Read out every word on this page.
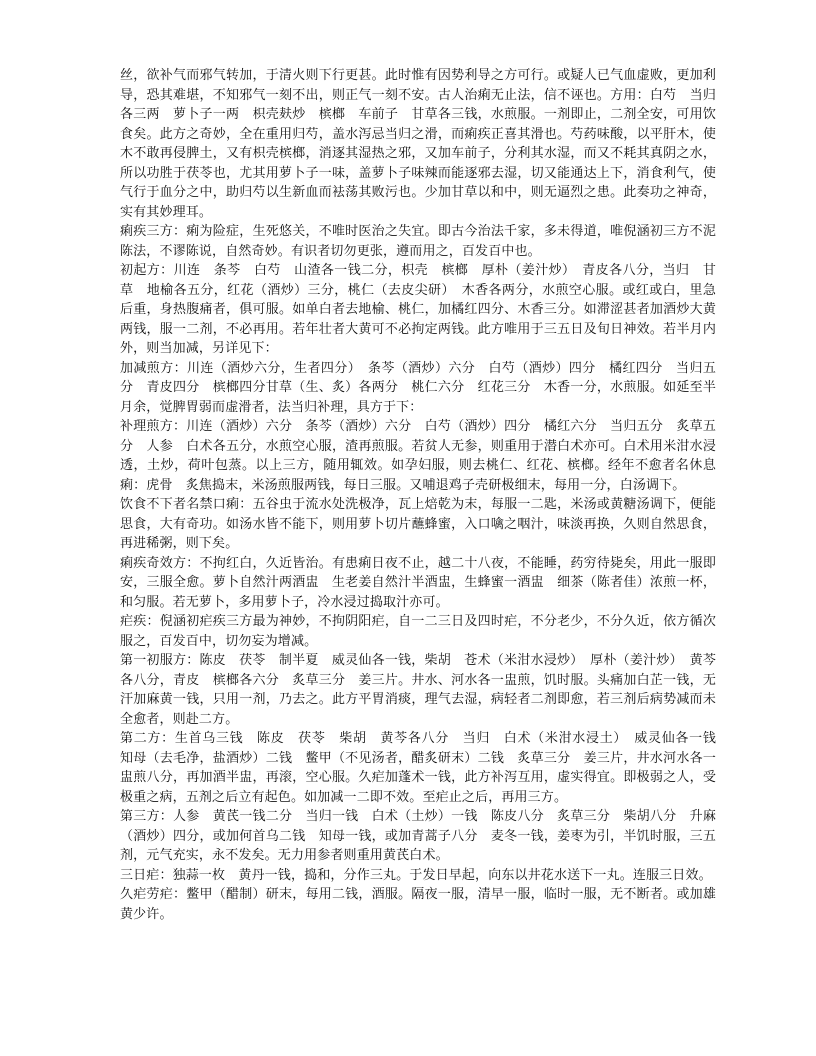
丝，欲补气而邪气转加，于清火则下行更甚。此时惟有因势利导之方可行。或疑人已气血虚败，更加利导，恐其难堪，不知邪气一刻不出，则正气一刻不安。古人治痢无止法，信不诬也。方用：白芍　当归各三两　萝卜子一两　枳壳麸炒　槟榔　车前子　甘草各三钱，水煎服。一剂即止，二剂全安，可用饮食矣。此方之奇妙，全在重用归芍，盖水泻忌当归之滑，而痢疾正喜其滑也。芍药味酸，以平肝木，使木不敢再侵脾土，又有枳壳槟榔，消逐其湿热之邪，又加车前子，分利其水湿，而又不耗其真阴之水，所以功胜于茯苓也，尤其用萝卜子一味，盖萝卜子味辣而能逐邪去湿，切又能通达上下，消食利气，使气行于血分之中，助归芍以生新血而袪荡其败污也。少加甘草以和中，则无逼烈之患。此奏功之神奇，实有其妙理耳。

痢疾三方：痢为险症，生死悠关，不唯时医治之失宜。即古今治法千家，多未得道，唯倪涵初三方不泥陈法，不谬陈说，自然奇妙。有识者切勿更张，遵而用之，百发百中也。

初起方：川连　条芩　白芍　山渣各一钱二分，枳壳　槟榔　厚朴（姜汁炒）　青皮各八分，当归　甘草　地榆各五分，红花（酒炒）三分，桃仁（去皮尖研）　木香各两分，水煎空心服。或红或白，里急后重，身热腹痛者，俱可服。如单白者去地榆、桃仁，加橘红四分、木香三分。如滞涩甚者加酒炒大黄两钱，服一二剂，不必再用。若年壮者大黄可不必拘定两钱。此方唯用于三五日及旬日神效。若半月内外，则当加减，另详见下：

加减煎方：川连（酒炒六分，生者四分）　条芩（酒炒）六分　白芍（酒炒）四分　橘红四分　当归五分　青皮四分　槟榔四分甘草（生、炙）各两分　桃仁六分　红花三分　木香一分，水煎服。如延至半月余，觉脾胃弱而虚滑者，法当归补理，具方于下：

补理煎方：川连（酒炒）六分　条芩（酒炒）六分　白芍（酒炒）四分　橘红六分　当归五分　炙草五分　人参　白术各五分，水煎空心服，渣再煎服。若贫人无参，则重用于潜白术亦可。白术用米泔水浸透，土炒，荷叶包蒸。以上三方，随用辄效。如孕妇服，则去桃仁、红花、槟榔。经年不愈者名休息痢：虎骨　炙焦捣末，米汤煎服两钱，每日三服。又哺退鸡子壳研极细末，每用一分，白汤调下。

饮食不下者名禁口痢：五谷虫于流水处洗极净，瓦上焙乾为末，每服一二匙，米汤或黄糖汤调下，便能思食，大有奇功。如汤水皆不能下，则用萝卜切片蘸蜂蜜，入口噙之咽汁，味淡再换，久则自然思食，再进稀粥，则下矣。

痢疾奇效方：不拘红白，久近皆治。有患痢日夜不止，越二十八夜，不能睡，药穷待毙矣，用此一服即安，三服全愈。萝卜自然汁两酒盅　生老姜自然汁半酒盅，生蜂蜜一酒盅　细茶（陈者佳）浓煎一杯，和匀服。若无萝卜，多用萝卜子，冷水浸过捣取汁亦可。

疟疾：倪涵初疟疾三方最为神妙，不拘阴阳疟，自一二三日及四时疟，不分老少，不分久近，依方循次服之，百发百中，切勿妄为增减。

第一初服方：陈皮　茯苓　制半夏　威灵仙各一钱，柴胡　苍术（米泔水浸炒）　厚朴（姜汁炒）　黄芩各八分，青皮　槟榔各六分　炙草三分　姜三片。井水、河水各一盅煎，饥时服。头痛加白芷一钱，无汗加麻黄一钱，只用一剂，乃去之。此方平胃消痰，理气去湿，病轻者二剂即愈，若三剂后病势减而未全愈者，则赴二方。

第二方：生首乌三钱　陈皮　茯苓　柴胡　黄芩各八分　当归　白术（米泔水浸土）　威灵仙各一钱　知母（去毛净，盐酒炒）二钱　鳖甲（不见汤者，醋炙研末）二钱　炙草三分　姜三片，井水河水各一盅煎八分，再加酒半盅，再滚，空心服。久疟加蓬术一钱，此方补泻互用，虚实得宜。即极弱之人，受极重之病，五剂之后立有起色。如加减一二即不效。至疟止之后，再用三方。

第三方：人参　黄芪一钱二分　当归一钱　白术（土炒）一钱　陈皮八分　炙草三分　柴胡八分　升麻（酒炒）四分，或加何首乌二钱　知母一钱，或加青蒿子八分　麦冬一钱，姜枣为引，半饥时服，三五剂，元气充实，永不发矣。无力用参者则重用黄芪白术。

三日疟：独蒜一枚　黄丹一钱，捣和，分作三丸。于发日早起，向东以井花水送下一丸。连服三日效。

久疟劳疟：鳖甲（醋制）研末，每用二钱，酒服。隔夜一服，清早一服，临时一服，无不断者。或加雄黄少许。
